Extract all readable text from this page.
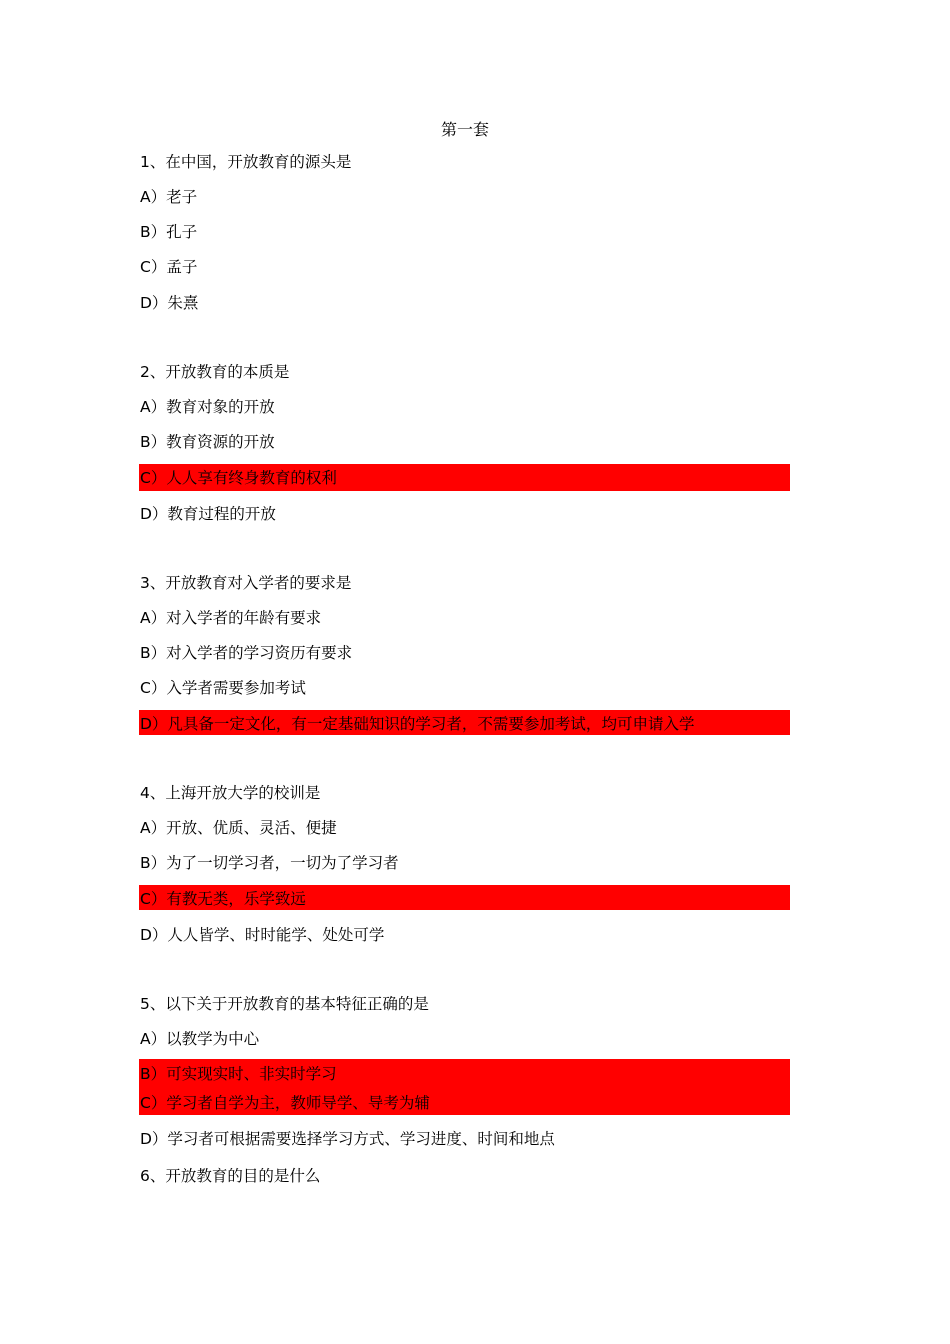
第一套
1、在中国，开放教育的源头是
A）老子
B）孔子
C）孟子
D）朱熹
2、开放教育的本质是
A）教育对象的开放
B）教育资源的开放
C）人人享有终身教育的权利
D）教育过程的开放
3、开放教育对入学者的要求是
A）对入学者的年龄有要求
B）对入学者的学习资历有要求
C）入学者需要参加考试
D）凡具备一定文化，有一定基础知识的学习者，不需要参加考试，均可申请入学
4、上海开放大学的校训是
A）开放、优质、灵活、便捷
B）为了一切学习者，一切为了学习者
C）有教无类，乐学致远
D）人人皆学、时时能学、处处可学
5、以下关于开放教育的基本特征正确的是
A）以教学为中心
B）可实现实时、非实时学习
C）学习者自学为主，教师导学、导考为辅
D）学习者可根据需要选择学习方式、学习进度、时间和地点
6、开放教育的目的是什么
